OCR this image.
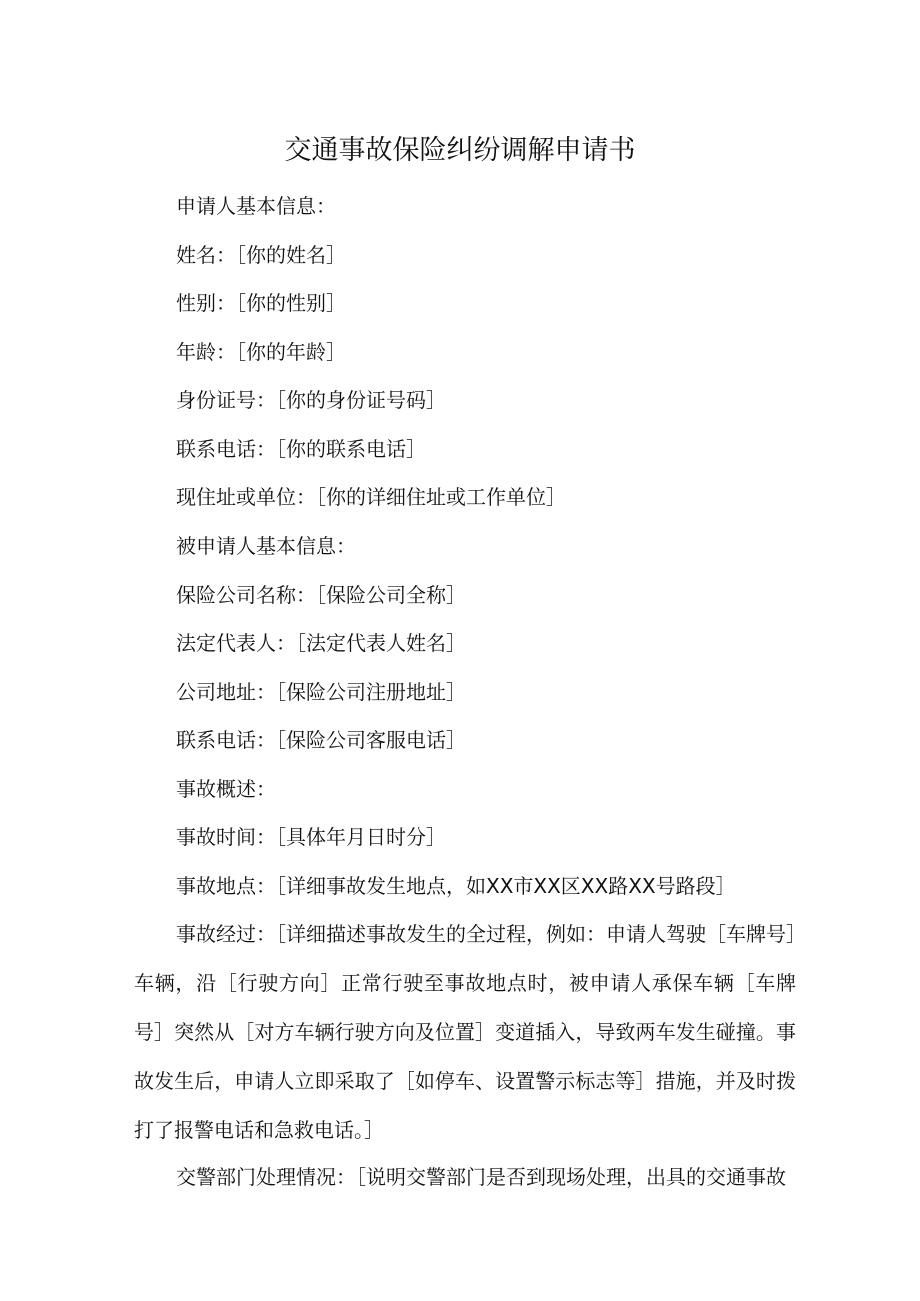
交通事故保险纠纷调解申请书
申请人基本信息：
姓名：［你的姓名］
性别：［你的性别］
年龄：［你的年龄］
身份证号：［你的身份证号码］
联系电话：［你的联系电话］
现住址或单位：［你的详细住址或工作单位］
被申请人基本信息：
保险公司名称：［保险公司全称］
法定代表人：［法定代表人姓名］
公司地址：［保险公司注册地址］
联系电话：［保险公司客服电话］
事故概述：
事故时间：［具体年月日时分］
事故地点：［详细事故发生地点，如XX市XX区XX路XX号路段］
事故经过：［详细描述事故发生的全过程，例如：申请人驾驶［车牌号］车辆，沿［行驶方向］正常行驶至事故地点时，被申请人承保车辆［车牌号］突然从［对方车辆行驶方向及位置］变道插入，导致两车发生碰撞。事故发生后，申请人立即采取了［如停车、设置警示标志等］措施，并及时拨打了报警电话和急救电话。］
交警部门处理情况：［说明交警部门是否到现场处理，出具的交通事故
